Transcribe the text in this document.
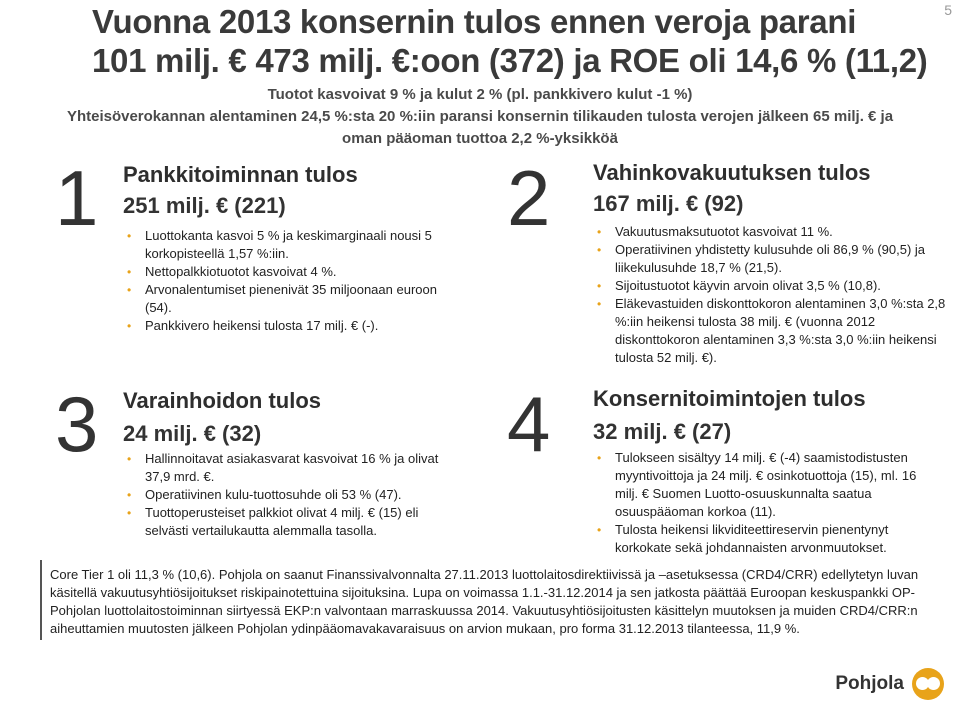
5
Vuonna 2013 konsernin tulos ennen veroja parani
101 milj. € 473 milj. €:oon (372) ja ROE oli 14,6 % (11,2)
Tuotot kasvoivat 9 % ja kulut 2 % (pl. pankkivero kulut -1 %)
Yhteisöverokannan alentaminen 24,5 %:sta 20 %:iin paransi konsernin tilikauden tulosta verojen jälkeen 65 milj. € ja
oman pääoman tuottoa 2,2 %-yksikköä
1 Pankkitoiminnan tulos
251 milj. € (221)
• Luottokanta kasvoi 5 % ja keskimarginaali nousi 5 korkopisteellä 1,57 %:iin.
• Nettopalkkiotuotot kasvoivat 4 %.
• Arvonalentumiset pienenivät 35 miljoonaan euroon (54).
• Pankkivero heikensi tulosta 17 milj. € (-).
2 Vahinkovakuutuksen tulos
167 milj. € (92)
• Vakuutusmaksutuotot kasvoivat 11 %.
• Operatiivinen yhdistetty kulusuhde oli 86,9 % (90,5) ja liikekulusuhde 18,7 % (21,5).
• Sijoitustuotot käyvin arvoin olivat 3,5 % (10,8).
• Eläkevastuiden diskonttokoron alentaminen 3,0 %:sta 2,8 %:iin heikensi tulosta 38 milj. € (vuonna 2012 diskonttokoron alentaminen 3,3 %:sta 3,0 %:iin heikensi tulosta 52 milj. €).
3 Varainhoidon tulos
24 milj. € (32)
• Hallinnoitavat asiakasvarat kasvoivat 16 % ja olivat 37,9 mrd. €.
• Operatiivinen kulu-tuottosuhde oli 53 % (47).
• Tuottoperusteiset palkkiot olivat 4 milj. € (15) eli selvästi vertailukautta alemmalla tasolla.
4 Konsernitoimintojen tulos
32 milj. € (27)
• Tulokseen sisältyy 14 milj. € (-4) saamistodistusten myyntivoittoja ja 24 milj. € osinkotuottoja (15), ml. 16 milj. € Suomen Luotto-osuuskunnalta saatua osuuspääoman korkoa (11).
• Tulosta heikensi likviditeettireservin pienentynyt korkokate sekä johdannaisten arvonmuutokset.
Core Tier 1 oli 11,3 % (10,6). Pohjola on saanut Finanssivalvonnalta 27.11.2013 luottolaitosdirektiivissä ja –asetuksessa (CRD4/CRR) edellytetyn luvan käsitellä vakuutusyhtiösijoitukset riskipainotettuina sijoituksina. Lupa on voimassa 1.1.-31.12.2014 ja sen jatkosta päättää Euroopan keskuspankki OP-Pohjolan luottolaitostoiminnan siirtyessä EKP:n valvontaan marraskuussa 2014. Vakuutusyhtiösijoitusten käsittelyn muutoksen ja muiden CRD4/CRR:n aiheuttamien muutosten jälkeen Pohjolan ydinpääomavakavaraisuus on arvion mukaan, pro forma 31.12.2013 tilanteessa, 11,9 %.
Pohjola
